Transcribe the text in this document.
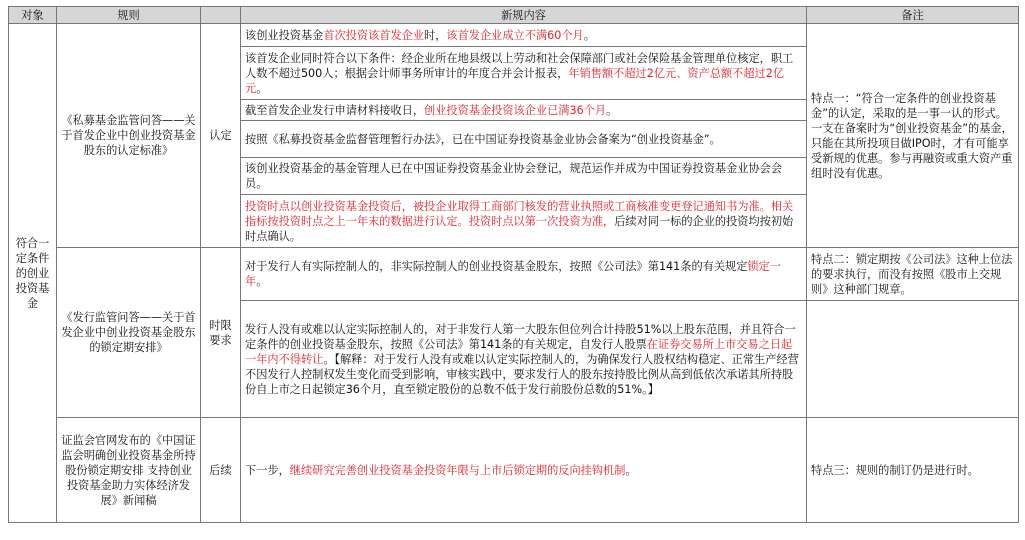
对象	规则		新规内容	备注
符合一定条件的创业投资基金	《私募基金监管问答——关于首发企业中创业投资基金股东的认定标准》	认定	该创业投资基金首次投资该首发企业时，该首发企业成立不满60个月。	特点一：“符合一定条件的创业投资基金”的认定，采取的是一事一认的形式。一支在备案时为“创业投资基金”的基金，只能在其所投项目做IPO时，才有可能享受新规的优惠。参与再融资或重大资产重组时没有优惠。
			该首发企业同时符合以下条件：经企业所在地县级以上劳动和社会保障部门或社会保险基金管理单位核定，职工人数不超过500人；根据会计师事务所审计的年度合并会计报表，年销售额不超过2亿元、资产总额不超过2亿元。	
			截至首发企业发行申请材料接收日，创业投资基金投资该企业已满36个月。	
			按照《私募投资基金监督管理暂行办法》，已在中国证券投资基金业协会备案为“创业投资基金”。	
			该创业投资基金的基金管理人已在中国证券投资基金业协会登记，规范运作并成为中国证券投资基金业协会会员。	
			投资时点以创业投资基金投资后，被投企业取得工商部门核发的营业执照或工商核准变更登记通知书为准。相关指标按投资时点之上一年末的数据进行认定。投资时点以第一次投资为准，后续对同一标的企业的投资均按初始时点确认。	
	《发行监管问答——关于首发企业中创业投资基金股东的锁定期安排》	时限要求	对于发行人有实际控制人的，非实际控制人的创业投资基金股东，按照《公司法》第141条的有关规定锁定一年。	特点二：锁定期按《公司法》这种上位法的要求执行，而没有按照《股市上交规则》这种部门规章。
			发行人没有或难以认定实际控制人的，对于非发行人第一大股东但位列合计持股51%以上股东范围，并且符合一定条件的创业投资基金股东，按照《公司法》第141条的有关规定，自发行人股票在证券交易所上市交易之日起一年内不得转让。【解释：对于发行人没有或难以认定实际控制人的，为确保发行人股权结构稳定、正常生产经营不因发行人控制权发生变化而受到影响，审核实践中，要求发行人的股东按持股比例从高到低依次承诺其所持股份自上市之日起锁定36个月，直至锁定股份的总数不低于发行前股份总数的51%。】	

	证监会官网发布的《中国证监会明确创业投资基金所持股份锁定期安排 支持创业投资基金助力实体经济发展》新闻稿	后续	下一步，继续研究完善创业投资基金投资年限与上市后锁定期的反向挂钩机制。	特点三：规则的制订仍是进行时。
